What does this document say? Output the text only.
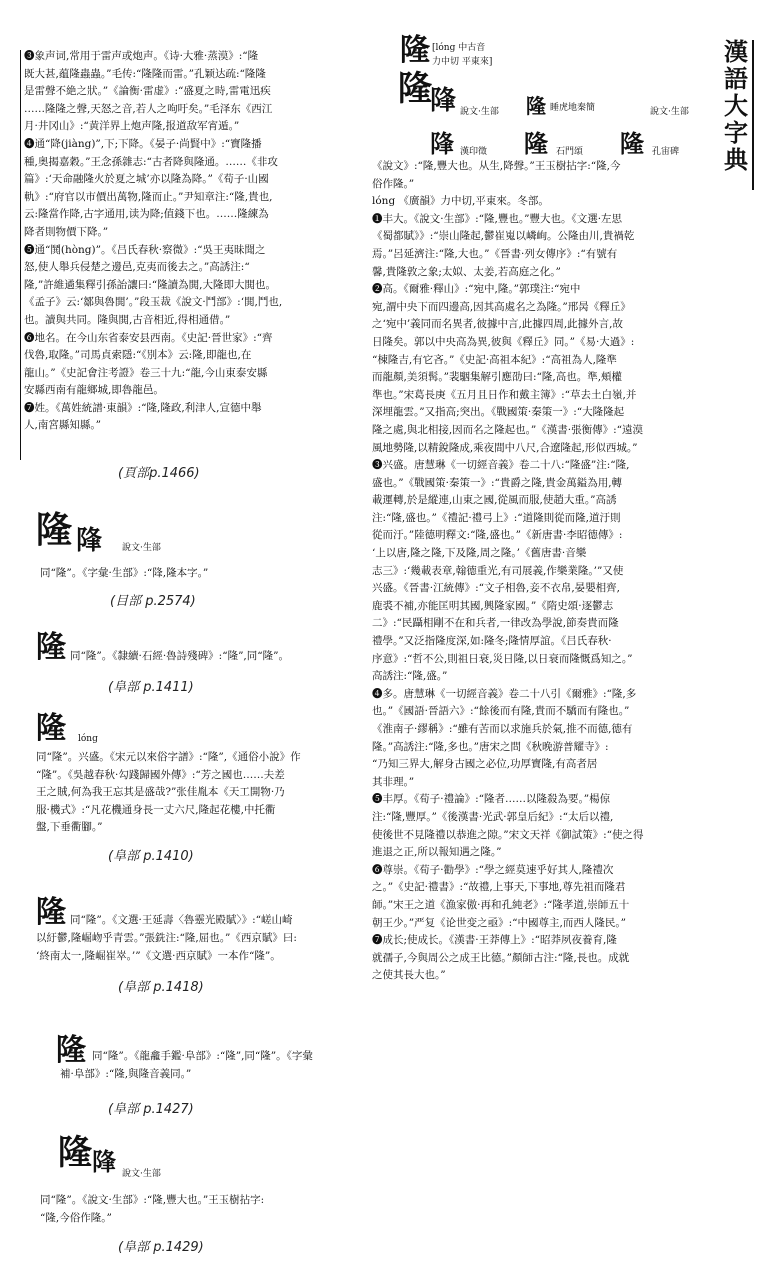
漢
語
大
字
典
❸象声词,常用于雷声或炮声。《诗·大雅·蒸漠》:“隆
既大甚,蕴隆蟲蟲。”毛传:“隆隆而雷。”孔颖达疏:“隆隆
是雷聲不絶之狀。”《論衡·雷虚》:“盛夏之時,雷電迅疾
……隆隆之聲,天怒之音,若人之呴吁矣。”毛泽东《西江
月·井冈山》:“黄洋界上炮声隆,报道敌军宵遁。”
❹通“降(jiàng)”,下;下降。《晏子·尚賢中》:“寶隆播
種,奥揭嘉穀。”王念孫雜志:“古者降與隆通。……《非攻
篇》:‘天命融隆火於夏之城’亦以隆為降。”《荀子·山國
軌》:“府官以市價出萬物,隆而止。”尹知章注:“隆,貴也,
云:隆當作降,古字通用,读为降;值錢下也。……隆練為
降者則物價下降。”
❺通“鬨(hòng)”。《吕氏春秋·察微》:“吳王夷昧聞之
怒,使人舉兵侵楚之邊邑,克夷而後去之。”高誘注:“
隆,”許維遹集釋引孫詒讓曰:“隆讀為閧,大隆即大閧也。
《孟子》云:‘鄒與魯閧’。”段玉裁《說文·鬥部》:‘閧,鬥也,
也。讀與共同。隆與閧,古音相近,得相通借。”
❻地名。在今山东省泰安县西南。《史記·晉世家》:“齊
伐魯,取隆。”司馬貞索隱:“《別本》云:隆,即龍也,在
龍山。”《史記會注考證》卷三十九:“龍,今山東泰安縣
安縣西南有龍鄉城,即魯龍邑。
❼姓。《萬姓統譜·東韻》:“隆,隆政,利津人,宣德中舉
人,南宮縣知縣。”
(頁部p.1466)
隆 䧏 說文·生部
同“隆”。《字彙·生部》:“䧏,隆本字。”
(目部 p.2574)
隆 同“隆”。《隸續·石經·魯詩殘碑》:“隆”,同“隆”。
(阜部 p.1411)
隆 lóng
同“隆”。兴盛。《宋元以來俗字譜》:“隆”,《通俗小說》作
“隆”。《吳越春秋·勾踐歸國外傳》:“芳之國也……夫差
王之賊,何為我王忘其是盛哉?”张佳胤本《天工開物·乃
服·機式》:“凡花機通身長一丈六尺,隆起花樓,中托衢
盤,下垂衢腳。”
(阜部 p.1410)
隆 同“隆”。《文選·王延壽〈魯靈光殿賦〉》:“嵯山崎
以紆鬱,隆崛岉乎青雲。”張銑注:“隆,屈也。”《西京賦》曰:
‘終南太一,隆崛崔崒。’”《文選·西京賦》一本作“隆”。
(阜部 p.1418)
隆 同“隆”。《龍龕手鑑·阜部》:“隆”,同“隆”。《字彙
補·阜部》:“隆,與隆音義同。”
(阜部 p.1427)
隆 䧏 說文·生部
同“隆”。《說文·生部》:“隆,豐大也。”王玉樹拈字:
“隆,今俗作隆。”
(阜部 p.1429)
隆 [lóng 中古音
力中切 平東來]
隆
䧏 說文·生部 隆 睡虎地秦簡	說文·生部
䧏 漢印徵 隆 石門頌 隆 孔宙碑
《說文》:“隆,豐大也。从生,降聲。”王玉樹拈字:“隆,今
俗作隆。”
lóng 《廣韻》力中切,平東來。冬部。
❶丰大。《說文·生部》:“隆,豐也。”豐大也。《文選·左思
《蜀都賦》》:“崇山隆起,鬱崔嵬以嶙峋。公隆由川,貴禍乾
焉。”呂延濟注:“隆,大也。”《晉書·列女傳序》:“有號有
馨,貴隆敦之象;太姒、太姜,若高庭之化。”
❷高。《爾雅·釋山》:“宛中,隆。”郭璞注:“宛中
宛,謂中央下而四邊高,因其高處名之為隆。”邢昺《釋丘》
之‘宛中’義同而名異者,彼據中言,此據四周,此據外言,故
日隆矣。郭以中央高為異,彼與《釋丘》同。”《易·大過》:
“棟隆吉,有它吝。”《史記·高祖本紀》:“高祖為人,隆準
而龍顏,美須髯。”裴駰集解引應劭曰:“隆,高也。準,頰權
準也。”宋葛長庚《五月且日作和戴主簿》:“草去土白嶺,并
深埋龍雲。”又指高;突出。《戰國策·秦策一》:“大隆隆起
隆之處,與北相接,因而名之隆起也。”《漢書·張衡傳》:“遠漠
風地勢隆,以精銳隆成,乘夜間中八尺,合遼隆起,形似西城。”
❸兴盛。唐慧琳《一切經音義》卷二十八:“隆盛”注:“隆,
盛也。”《戰國策·秦策一》:“貴爵之隆,貴金萬鎰為用,轉
載運轉,於是縱連,山東之國,從風而服,使趙大重。”高誘
注:“隆,盛也。”《禮記·禮弓上》:“道隆則從而隆,道汙則
從而汙。”陸德明釋文:“隆,盛也。”《新唐書·李昭德傳》:
‘上以唐,隆之隆,下及隆,周之隆。’《舊唐書·音樂
志三》:‘幾載表章,翰德重光,有司展義,作樂業隆。’”又使
兴盛。《晉書·江統傳》:“文子相魯,妾不衣帛,晏嬰相齊,
鹿裘不補,亦能匡明其國,興隆家國。”《隋史頌·逐鬱志
二》:“民躡相剛不在和兵者,一律改為學說,節奏貴而隆
禮學。”又泛指隆度深,如:隆冬;隆情厚誼。《吕氏春秋·
序意》:“哲不公,則祖日衰,災日隆,以日衰而隆慨爲知之。”
高誘注:“隆,盛。”
❹多。唐慧琳《一切經音義》卷二十八引《爾雅》:“隆,多
也。”《國語·晉語六》:“餘後而有隆,貴而不驕而有隆也。”
《淮南子·繆稱》:“雖有苦而以求施兵於氣,推不而德,德有
隆。”高誘注:“隆,多也。”唐宋之問《秋晚游普耀寺》:
“乃知三界大,解身古國之必位,功厚寶隆,有高者居
其非理。”
❺丰厚。《荀子·禮論》:“隆者……以隆殺為要。”楊倞
注:“隆,豐厚。”《後漢書·光武·郭皇后紀》:“太后以禮,
使後世不見隆禮以恭進之隙。”宋文天祥《御試策》:“使之得
進退之正,所以報知遇之隆。”
❻尊崇。《荀子·勸學》:“學之經莫速乎好其人,隆禮次
之。”《史記·禮書》:“故禮,上事天,下事地,尊先祖而隆君
師。”宋王之道《漁家傲·再和孔純老》:“隆孝道,崇師五十
朝王少。”严复《论世变之亟》:“中國尊主,而西人隆民。”
❼成长;使成长。《漢書·王莽傳上》:“昭莽夙夜養育,隆
就孺子,今與周公之成王比德。”顏師古注:“隆,長也。成就
之使其長大也。”
